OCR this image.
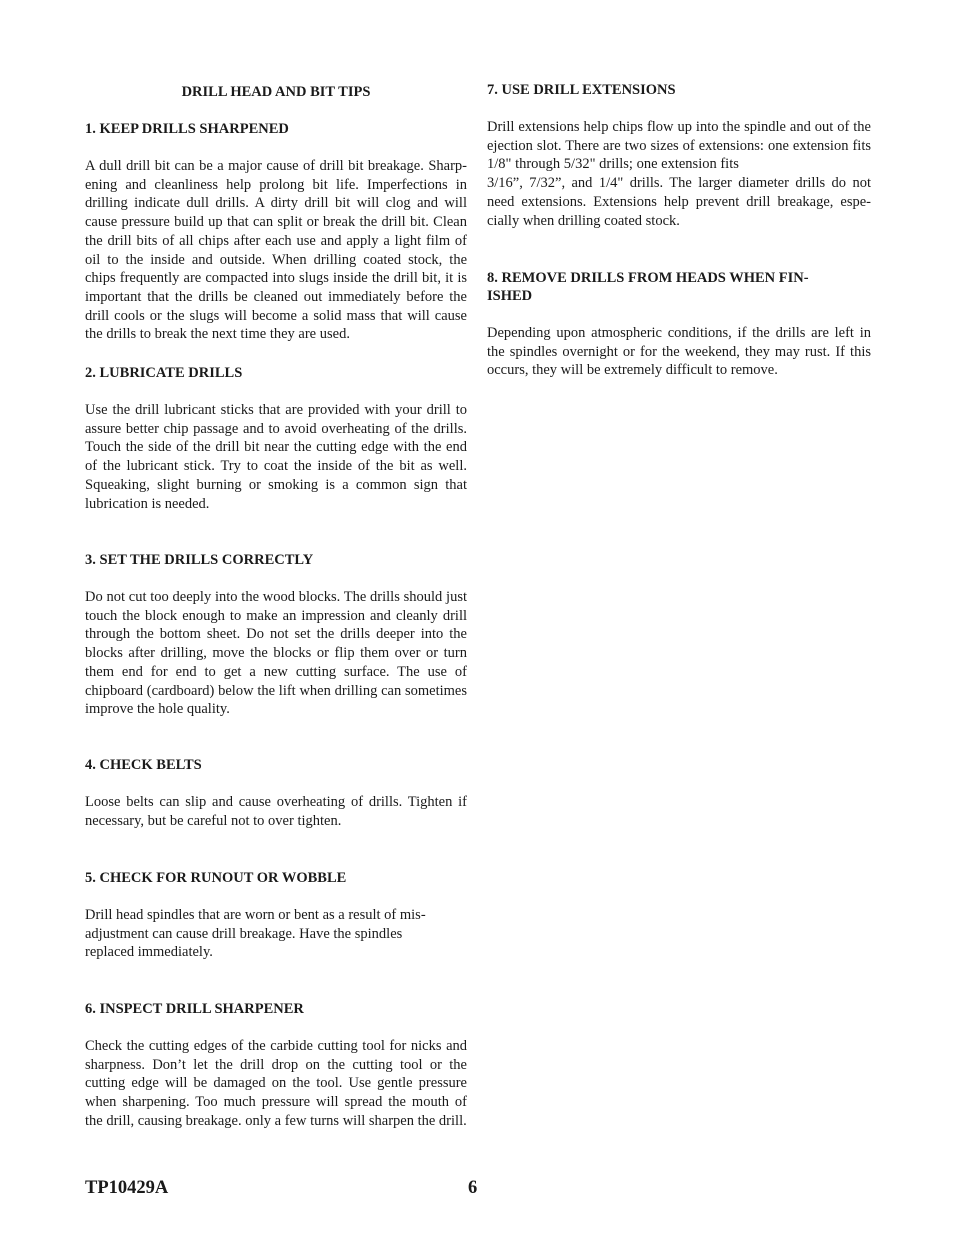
DRILL HEAD AND BIT TIPS
1. KEEP DRILLS SHARPENED

A dull drill bit can be a major cause of drill bit breakage. Sharpening and cleanliness help prolong bit life. Imperfections in drilling indicate dull drills. A dirty drill bit will clog and will cause pressure build up that can split or break the drill bit. Clean the drill bits of all chips after each use and apply a light film of oil to the inside and outside. When drilling coated stock, the chips frequently are compacted into slugs inside the drill bit, it is important that the drills be cleaned out immediately before the drill cools or the slugs will become a solid mass that will cause the drills to break the next time they are used.

2. LUBRICATE DRILLS

Use the drill lubricant sticks that are provided with your drill to assure better chip passage and to avoid overheating of the drills. Touch the side of the drill bit near the cutting edge with the end of the lubricant stick. Try to coat the inside of the bit as well. Squeaking, slight burning or smoking is a common sign that lubrication is needed.

3. SET THE DRILLS CORRECTLY

Do not cut too deeply into the wood blocks. The drills should just touch the block enough to make an impression and cleanly drill through the bottom sheet. Do not set the drills deeper into the blocks after drilling, move the blocks or flip them over or turn them end for end to get a new cutting surface. The use of chipboard (cardboard) below the lift when drilling can sometimes improve the hole quality.

4. CHECK BELTS

Loose belts can slip and cause overheating of drills. Tighten if necessary, but be careful not to over tighten.

5. CHECK FOR RUNOUT OR WOBBLE

Drill head spindles that are worn or bent as a result of mis-
adjustment can cause drill breakage. Have the spindles
replaced immediately.

6. INSPECT DRILL SHARPENER

Check the cutting edges of the carbide cutting tool for nicks and sharpness. Don’t let the drill drop on the cutting tool or the cutting edge will be damaged on the tool. Use gentle pressure when sharpening. Too much pressure will spread the mouth of the drill, causing breakage. only a few turns will sharpen the drill.

7. USE DRILL EXTENSIONS

Drill extensions help chips flow up into the spindle and out of the ejection slot. There are two sizes of extensions: one extension fits 1/8" through 5/32" drills; one extension fits
3/16”, 7/32”, and 1/4" drills. The larger diameter drills do not need extensions. Extensions help prevent drill breakage, especially when drilling coated stock.

8. REMOVE DRILLS FROM HEADS WHEN FIN-
ISHED

Depending upon atmospheric conditions, if the drills are left in the spindles overnight or for the weekend, they may rust. If this occurs, they will be extremely difficult to remove.

TP10429A	6
